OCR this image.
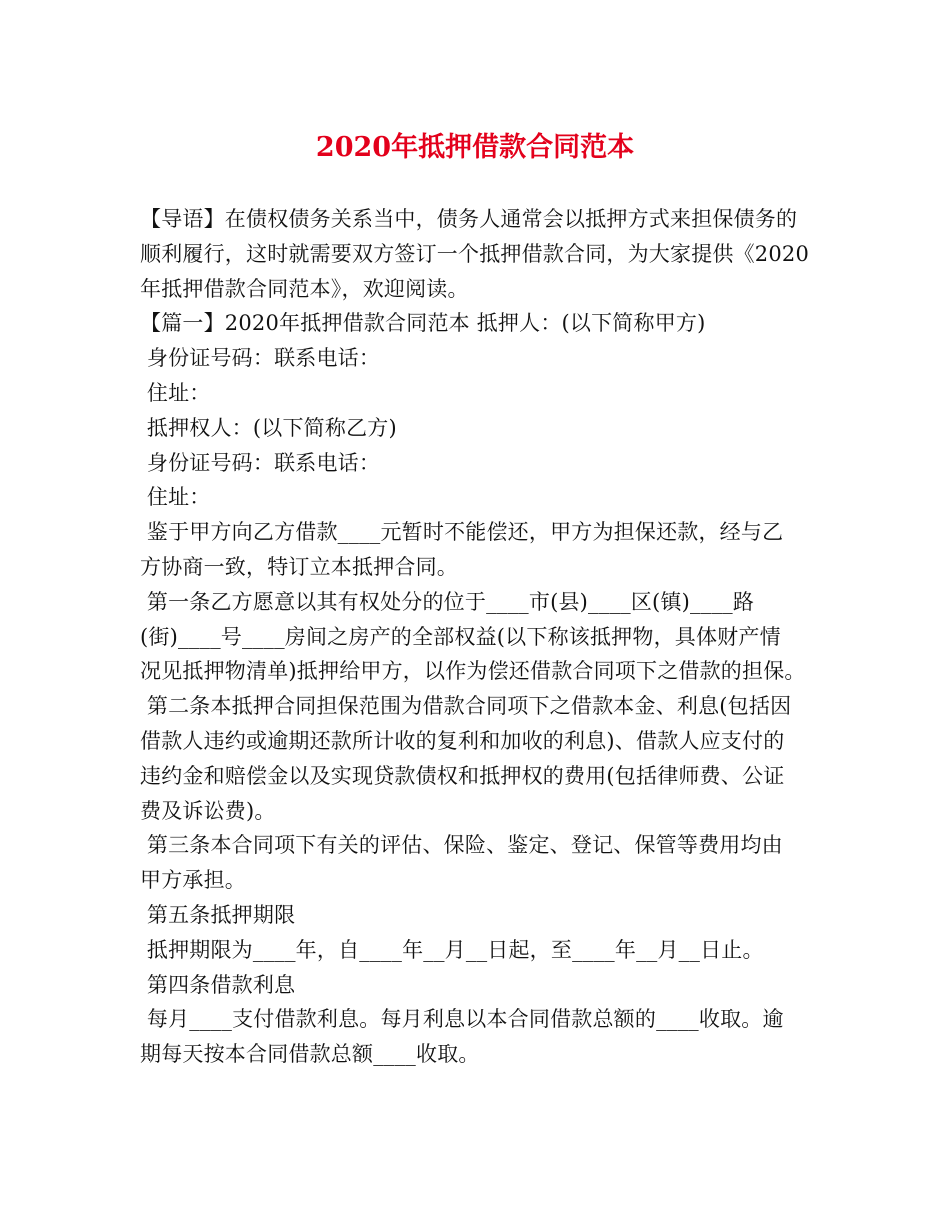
2020年抵押借款合同范本

【导语】在债权债务关系当中，债务人通常会以抵押方式来担保债务的

顺利履行，这时就需要双方签订一个抵押借款合同，为大家提供《2020

年抵押借款合同范本》，欢迎阅读。

【篇一】2020年抵押借款合同范本 抵押人：(以下简称甲方)

身份证号码：联系电话：

住址：

抵押权人：(以下简称乙方)

身份证号码：联系电话：

住址：

鉴于甲方向乙方借款____元暂时不能偿还，甲方为担保还款，经与乙

方协商一致，特订立本抵押合同。

第一条乙方愿意以其有权处分的位于____市(县)____区(镇)____路

(街)____号____房间之房产的全部权益(以下称该抵押物，具体财产情

况见抵押物清单)抵押给甲方，以作为偿还借款合同项下之借款的担保。

第二条本抵押合同担保范围为借款合同项下之借款本金、利息(包括因

借款人违约或逾期还款所计收的复利和加收的利息)、借款人应支付的

违约金和赔偿金以及实现贷款债权和抵押权的费用(包括律师费、公证

费及诉讼费)。

第三条本合同项下有关的评估、保险、鉴定、登记、保管等费用均由

甲方承担。

第五条抵押期限

抵押期限为____年，自____年__月__日起，至____年__月__日止。

第四条借款利息

每月____支付借款利息。每月利息以本合同借款总额的____收取。逾

期每天按本合同借款总额____收取。
